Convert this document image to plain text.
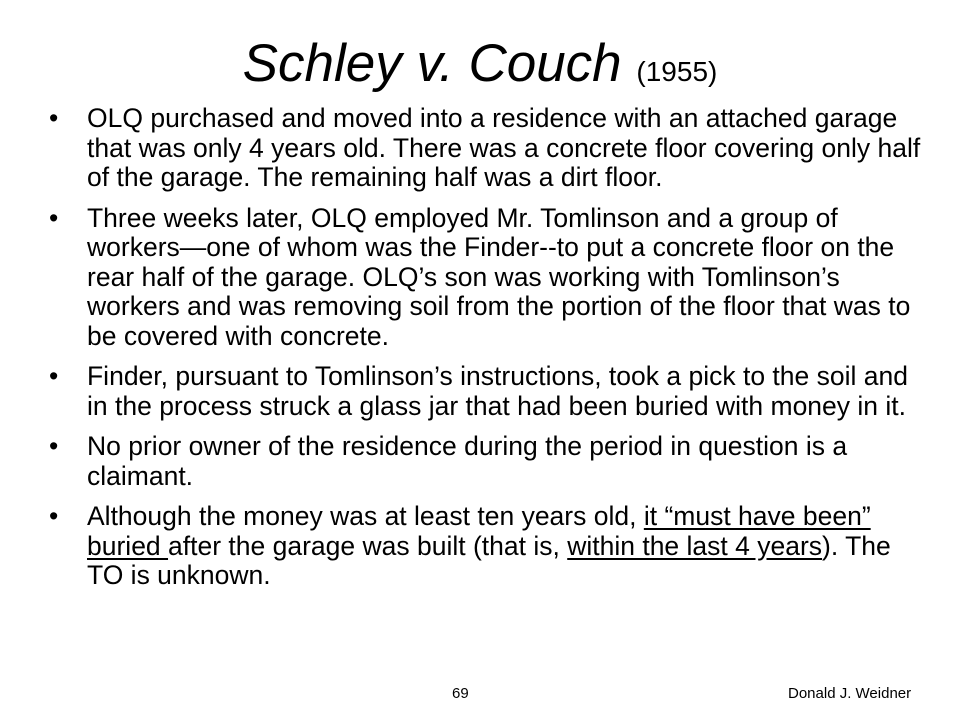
Schley v. Couch (1955)
• OLQ purchased and moved into a residence with an attached garage that was only 4 years old. There was a concrete floor covering only half of the garage. The remaining half was a dirt floor.
• Three weeks later, OLQ employed Mr. Tomlinson and a group of workers—one of whom was the Finder--to put a concrete floor on the rear half of the garage. OLQ’s son was working with Tomlinson’s workers and was removing soil from the portion of the floor that was to be covered with concrete.
• Finder, pursuant to Tomlinson’s instructions, took a pick to the soil and in the process struck a glass jar that had been buried with money in it.
• No prior owner of the residence during the period in question is a claimant.
• Although the money was at least ten years old, it “must have been” buried after the garage was built (that is, within the last 4 years). The TO is unknown.
69	Donald J. Weidner
